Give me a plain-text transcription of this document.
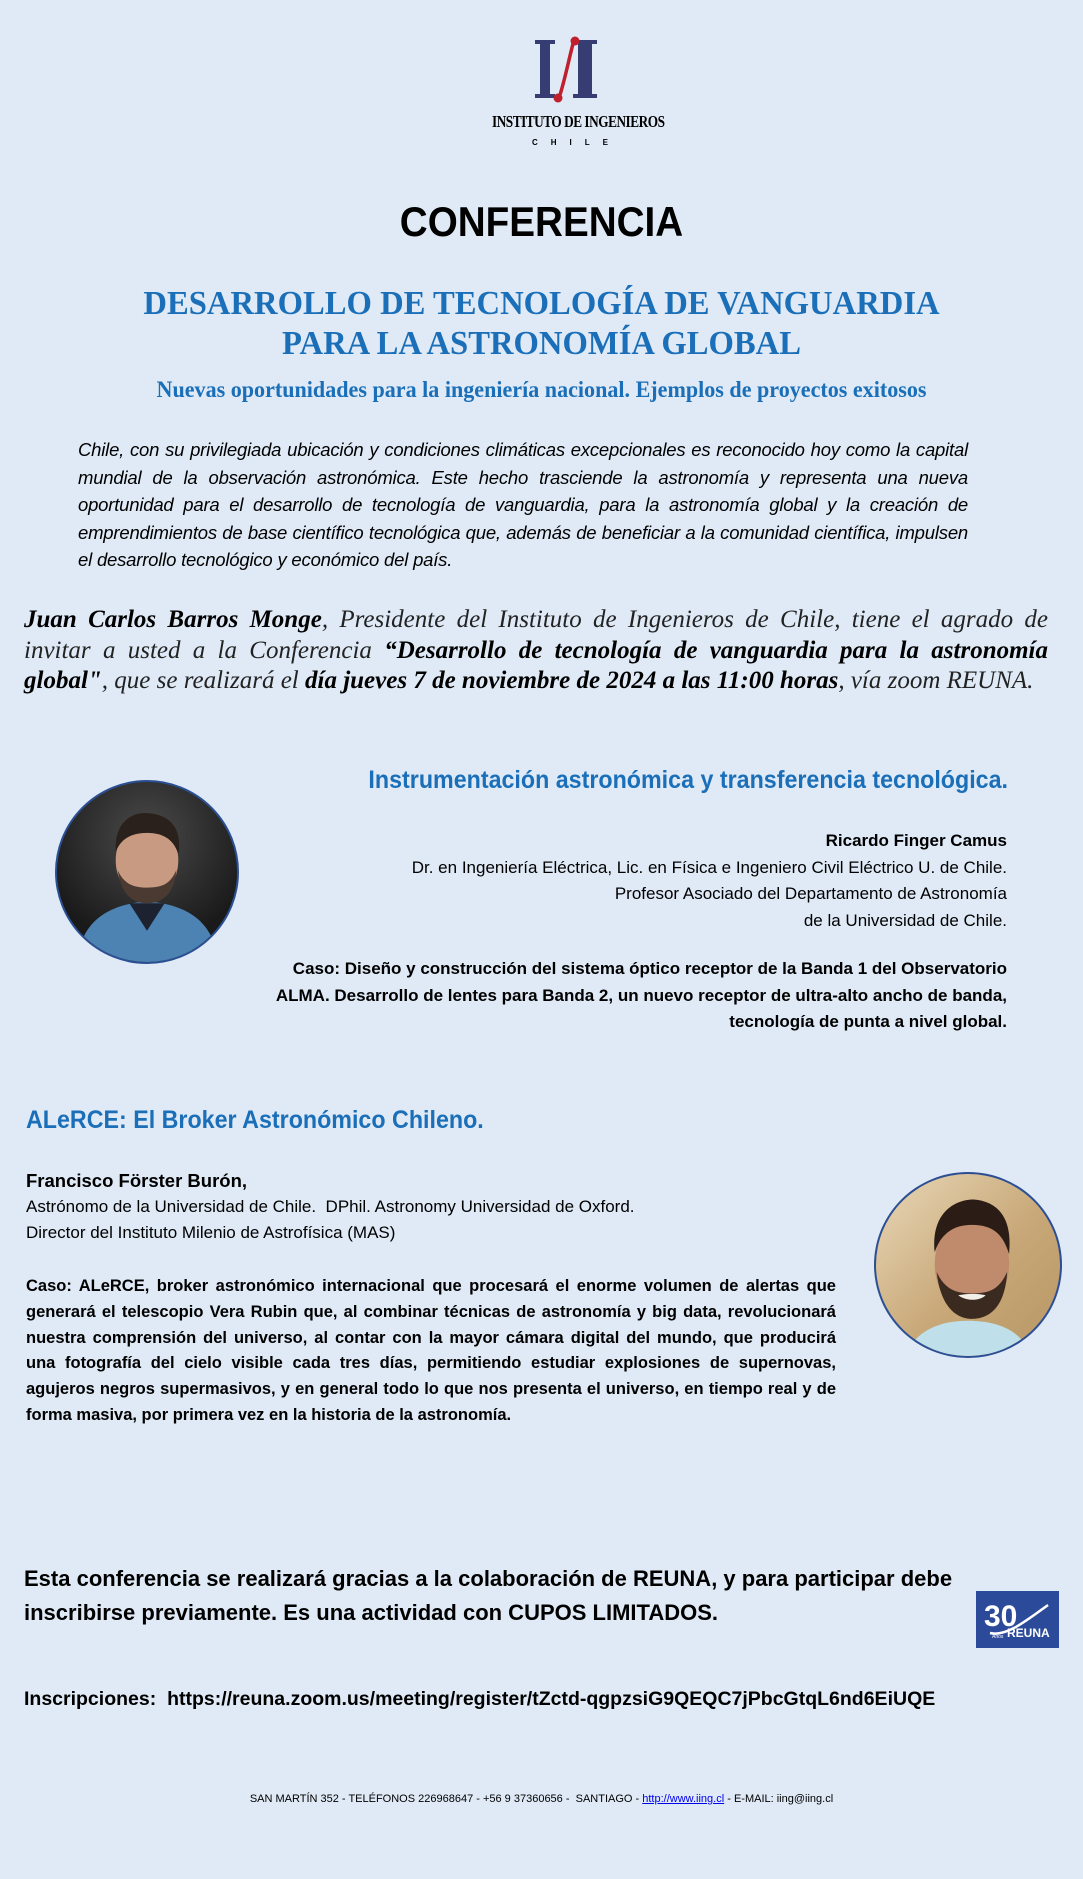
INSTITUTO DE INGENIEROS
CHILE
CONFERENCIA
DESARROLLO DE TECNOLOGÍA DE VANGUARDIA
PARA LA ASTRONOMÍA GLOBAL
Nuevas oportunidades para la ingeniería nacional. Ejemplos de proyectos exitosos
Chile, con su privilegiada ubicación y condiciones climáticas excepcionales es reconocido hoy como la capital mundial de la observación astronómica. Este hecho trasciende la astronomía y representa una nueva oportunidad para el desarrollo de tecnología de vanguardia, para la astronomía global y la creación de emprendimientos de base científico tecnológica que, además de beneficiar a la comunidad científica, impulsen el desarrollo tecnológico y económico del país.
Juan Carlos Barros Monge, Presidente del Instituto de Ingenieros de Chile, tiene el agrado de invitar a usted a la Conferencia “Desarrollo de tecnología de vanguardia para la astronomía global", que se realizará el día jueves 7 de noviembre de 2024 a las 11:00 horas, vía zoom REUNA.
Instrumentación astronómica y transferencia tecnológica.
Ricardo Finger Camus
Dr. en Ingeniería Eléctrica, Lic. en Física e Ingeniero Civil Eléctrico U. de Chile.
Profesor Asociado del Departamento de Astronomía
de la Universidad de Chile.
Caso: Diseño y construcción del sistema óptico receptor de la Banda 1 del Observatorio ALMA. Desarrollo de lentes para Banda 2, un nuevo receptor de ultra-alto ancho de banda, tecnología de punta a nivel global.
ALeRCE: El Broker Astronómico Chileno.
Francisco Förster Burón,
Astrónomo de la Universidad de Chile.  DPhil. Astronomy Universidad de Oxford.
Director del Instituto Milenio de Astrofísica (MAS)
Caso: ALeRCE, broker astronómico internacional que procesará el enorme volumen de alertas que generará el telescopio Vera Rubin que, al combinar técnicas de astronomía y big data, revolucionará nuestra comprensión del universo, al contar con la mayor cámara digital del mundo, que producirá una fotografía del cielo visible cada tres días, permitiendo estudiar explosiones de supernovas, agujeros negros supermasivos, y en general todo lo que nos presenta el universo, en tiempo real y de forma masiva, por primera vez en la historia de la astronomía.
Esta conferencia se realizará gracias a la colaboración de REUNA, y para participar debe inscribirse previamente. Es una actividad con CUPOS LIMITADOS.	30
Años REUNA
Inscripciones: https://reuna.zoom.us/meeting/register/tZctd-qgpzsiG9QEQC7jPbcGtqL6nd6EiUQE
SAN MARTÍN 352 - TELÉFONOS 226968647 - +56 9 37360656 -  SANTIAGO - http://www.iing.cl - E-MAIL: iing@iing.cl
